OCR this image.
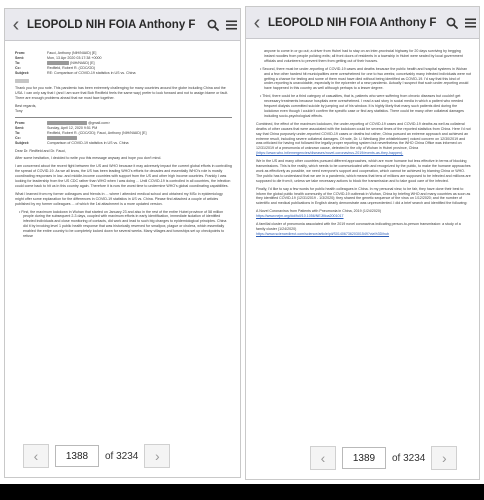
‹ LEOPOLD NIH FOIA Anthony F
From:	Fauci, Anthony (NIH/NIAID) [E]
Sent:	Mon, 13 Apr 2020 03:17:38 +0000
To:	(NIH/NIAID) [E]
Cc:	Redfield, Robert R. (CDC/OD)
Subject:	RE: Comparison of COVID-19 statistics in US vs. China

Thank you for you note. This pandemic has been extremely challenging for many countries around the globe including China and the USA. I can only say that I (and I am sure that Bob Redfield feels the same way) prefer to look forward and not to assign blame or fault. There are enough problems ahead that we must face together.

Best regards,

Tony

From:	@gmail.com>
Sent:	Sunday, April 12, 2020 9:51 PM
To:	Redfield, Robert R. (CDC/OD); Fauci, Anthony (NIH/NIAID) [E]
Cc:
Subject:	Comparison of COVID-19 statistics in US vs. China

Dear Dr. Redfield and Dr. Fauci,

After some hesitation, I decided to write you this message anyway and hope you don't mind.

I am concerned about the recent fight between the US and WHO because it may adversely impact the current global efforts in controlling the spread of COVID-19. As we all know, the US has been leading WHO's efforts for decades and essentially WHO's role is mostly coordinating responses in low- and middle-income countries with support from the US and other high income countries. Frankly I was looking for leadership from the US CDC rather than WHO when I was doing ... Until COVID-19 is controlled in all countries, the infection could come back to hit us in this country again. Therefore it is now the worst time to undermine WHO's global coordinating capabilities.

What I learned from my former colleagues and friends in ... where I attended medical school and obtained my MSc in epidemiology might offer some explanation for the differences in COVID-19 statistics in US vs. China. Please find attached a couple of articles published by my former colleagues ... of which the 1st attachment is a more updated version.

• First, the maximum lockdown in Wuhan that started on January 23 and also in the rest of the entire Hubei province of 58 million people during the subsequent 2-3 days, coupled with maximum efforts in early identification, immediate isolation of identified infected individuals and close monitoring of contacts, did work and lead to such big changes to epidemiological principles. China did it by invoking level 1 public health response that was historically reserved for smallpox, plague or cholera, which essentially enabled the entire country to be completely locked down for several weeks. Many villages and townships set up checkpoints to refuse

‹
1388	of 3234	›
‹ LEOPOLD NIH FOIA Anthony F

anyone to come in or go out; a driver from Hubei had to stay on an inter-provincial highway for 20 days surviving by begging instant noodles from people policing exits; all front doors of residents in a township in Hubei were sealed by local government officials and volunteers to prevent them from getting out of their houses.

• Second, there must be under-reporting of COVID-19 cases and deaths because the public health and hospital systems in Wuhan and a few other hardest hit municipalities were overwhelmed for one to two weeks; conceivably many infected individuals were not getting a chance for testing and some of them must have died without being identified as COVID-19. I'd say that this kind of under-reporting is unavoidable, especially in the epicenter of a new pandemic. Actually I suspect that such under-reporting would have happened in this country as well although perhaps to a lesser degree.

• Third, there could be a third category of casualties, that is, patients who were suffering from chronic diseases but couldn't get necessary treatments because hospitals were overwhelmed. I read a sad story in social media in which a patient who needed frequent dialysis committed suicide by jumping out of his window. It is highly likely that many such patients died during the lockdown even though I couldn't confirm the specific case or find any statistics. There could be many other collateral damages including socio-psychological effects.

Combined, the effect of the maximum lockdown, the under-reporting of COVID-19 cases and COVID-19 deaths as well as collateral deaths of other causes that were associated with the lockdown could be several times of the reported statistics from China. Here I'd not say that China purposely under-reported COVID-19 cases or deaths but rather, China pursued an extreme approach and achieved an extreme result, including severe collateral damages. Of note, Dr. Li Wenliang (the whistleblower) voiced concern on 12/30/2019 and was criticized for having not followed the legally proper reporting system but nevertheless the WHO China Office was informed on 12/31/2019 of a pneumonia of unknown cause, detected in the city of Wuhan in Hubei province, China (https://www.who.int/emergencies/diseases/novel-coronavirus-2019/events-as-they-happen).

We in the US and many other countries pursued different approaches, which are more humane but less effective in terms of blocking transmissions. This is the reality, which needs to be communicated with and recognized by the public, to make the humane approaches work as effectively as possible, we need everyone's support and cooperation, which cannot be achieved by blaming China or WHO. The public has to understand that we are in a pandemic, which means that tens of millions are supposed to be infected and millions are supposed to die from it, unless we take necessary actions to block the transmission and to take good care of the infected.

Finally, I'd like to say a few words for public health colleagues in China. In my personal view, to be fair, they have done their best to inform the global public health community of the COVID-19 outbreak in Wuhan, China by briefing WHO and many countries as soon as they identified COVID-19 (12/31/2019 - 1/3/2020); they shared the genetic sequence of the virus on 1/12/2020; and the number of scientific and medical publications in English clearly demonstrate was unprecedented. I did a brief search and identified the following:

A Novel Coronavirus from Patients with Pneumonia in China, 2019 (1/24/2020)

https://www.nejm.org/doi/full/10.1056/NEJMoa2001017

A familial cluster of pneumonia associated with the 2019 novel coronavirus indicating person-to-person transmission: a study of a family cluster (1/24/2020)

https://www.sciencedirect.com/science/article/pii/S0140673620301549?via%3Dihub

‹
1389	of 3234	›
